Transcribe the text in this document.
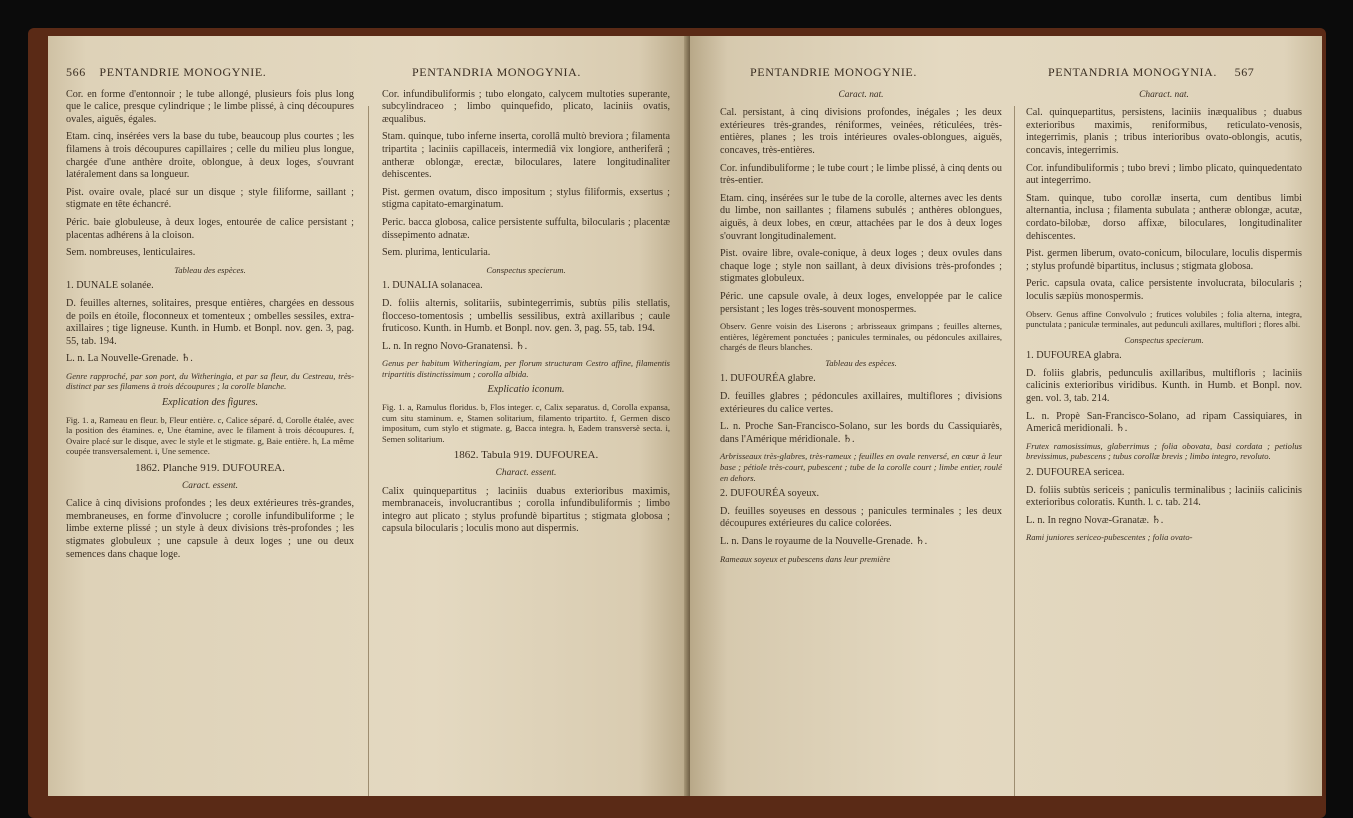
566 PENTANDRIE MONOGYNIE.

Cor. en forme d'entonnoir ; le tube allongé, plusieurs fois plus long que le calice, presque cylindrique ; le limbe plissé, à cinq découpures ovales, aiguës, égales.

Etam. cinq, insérées vers la base du tube, beaucoup plus courtes ; les filamens à trois découpures capillaires ; celle du milieu plus longue, chargée d'une anthère droite, oblongue, à deux loges, s'ouvrant latéralement dans sa longueur.

Pist. ovaire ovale, placé sur un disque ; style filiforme, saillant ; stigmate en tête échancré.

Péric. baie globuleuse, à deux loges, entourée de calice persistant ; placentas adhérens à la cloison.

Sem. nombreuses, lenticulaires.

Tableau des espèces.

1. DUNALE solanée.

D. feuilles alternes, solitaires, presque entières, chargées en dessous de poils en étoile, floconneux et tomenteux ; ombelles sessiles, extra-axillaires ; tige ligneuse. Kunth. in Humb. et Bonpl. nov. gen. 3, pag. 55, tab. 194.

L. n. La Nouvelle-Grenade. ♄.

Genre rapproché, par son port, du Witheringia, et par sa fleur, du Cestreau, très-distinct par ses filamens à trois découpures ; la corolle blanche.

Explication des figures.

Fig. 1. a, Rameau en fleur. b, Fleur entière. c, Calice séparé. d, Corolle étalée, avec la position des étamines. e, Une étamine, avec le filament à trois découpures. f, Ovaire placé sur le disque, avec le style et le stigmate. g, Baie entière. h, La même coupée transversalement. i, Une semence.

1862. Planche 919. DUFOUREA.

Caract. essent.

Calice à cinq divisions profondes ; les deux extérieures très-grandes, membraneuses, en forme d'involucre ; corolle infundibuliforme ; le limbe externe plissé ; un style à deux divisions très-profondes ; les stigmates globuleux ; une capsule à deux loges ; une ou deux semences dans chaque loge.

PENTANDRIA MONOGYNIA.

Cor. infundibuliformis ; tubo elongato, calycem multoties superante, subcylindraceo ; limbo quinquefido, plicato, laciniis ovatis, æqualibus.

Stam. quinque, tubo inferne inserta, corollâ multò breviora ; filamenta tripartita ; laciniis capillaceis, intermediâ vix longiore, antheriferâ ; antheræ oblongæ, erectæ, biloculares, latere longitudinaliter dehiscentes.

Pist. germen ovatum, disco impositum ; stylus filiformis, exsertus ; stigma capitato-emarginatum.

Peric. bacca globosa, calice persistente suffulta, bilocularis ; placentæ dissepimento adnatæ.

Sem. plurima, lenticularia.

Conspectus specierum.

1. DUNALIA solanacea.

D. foliis alternis, solitariis, subintegerrimis, subtùs pilis stellatis, flocceso-tomentosis ; umbellis sessilibus, extrà axillaribus ; caule fruticoso. Kunth. in Humb. et Bonpl. nov. gen. 3, pag. 55, tab. 194.

L. n. In regno Novo-Granatensi. ♄.

Genus per habitum Witheringiam, per florum structuram Cestro affine, filamentis tripartitis distinctissimum ; corolla albida.

Explicatio iconum.

Fig. 1. a, Ramulus floridus. b, Flos integer. c, Calix separatus. d, Corolla expansa, cum situ staminum. e, Stamen solitarium, filamento tripartito. f, Germen disco impositum, cum stylo et stigmate. g, Bacca integra. h, Eadem transversè secta. i, Semen solitarium.

1862. Tabula 919. DUFOUREA.

Charact. essent.

Calix quinquepartitus ; laciniis duabus exterioribus maximis, membranaceis, involucrantibus ; corolla infundibuliformis ; limbo integro aut plicato ; stylus profundè bipartitus ; stigmata globosa ; capsula bilocularis ; loculis mono aut dispermis.

PENTANDRIE MONOGYNIE.

Caract. nat.

Cal. persistant, à cinq divisions profondes, inégales ; les deux extérieures très-grandes, réniformes, veinées, réticulées, très-entières, planes ; les trois intérieures ovales-oblongues, aiguës, concaves, très-entières.

Cor. infundibuliforme ; le tube court ; le limbe plissé, à cinq dents ou très-entier.

Etam. cinq, insérées sur le tube de la corolle, alternes avec les dents du limbe, non saillantes ; filamens subulés ; anthères oblongues, aiguës, à deux lobes, en cœur, attachées par le dos à deux loges s'ouvrant longitudinalement.

Pist. ovaire libre, ovale-conique, à deux loges ; deux ovules dans chaque loge ; style non saillant, à deux divisions très-profondes ; stigmates globuleux.

Péric. une capsule ovale, à deux loges, enveloppée par le calice persistant ; les loges très-souvent monospermes.

Observ. Genre voisin des Liserons ; arbrisseaux grimpans ; feuilles alternes, entières, légèrement ponctuées ; panicules terminales, ou pédoncules axillaires, chargés de fleurs blanches.

Tableau des espèces.

1. DUFOURÉA glabre.

D. feuilles glabres ; pédoncules axillaires, multiflores ; divisions extérieures du calice vertes.

L. n. Proche San-Francisco-Solano, sur les bords du Cassiquiarès, dans l'Amérique méridionale. ♄.

Arbrisseaux très-glabres, très-rameux ; feuilles en ovale renversé, en cœur à leur base ; pétiole très-court, pubescent ; tube de la corolle court ; limbe entier, roulé en dehors.

2. DUFOURÉA soyeux.

D. feuilles soyeuses en dessous ; panicules terminales ; les deux découpures extérieures du calice colorées.

L. n. Dans le royaume de la Nouvelle-Grenade. ♄.

Rameaux soyeux et pubescens dans leur première

PENTANDRIA MONOGYNIA. 567

Charact. nat.

Cal. quinquepartitus, persistens, laciniis inæqualibus ; duabus exterioribus maximis, reniformibus, reticulato-venosis, integerrimis, planis ; tribus interioribus ovato-oblongis, acutis, concavis, integerrimis.

Cor. infundibuliformis ; tubo brevi ; limbo plicato, quinquedentato aut integerrimo.

Stam. quinque, tubo corollæ inserta, cum dentibus limbi alternantia, inclusa ; filamenta subulata ; antheræ oblongæ, acutæ, cordato-bilobæ, dorso affixæ, biloculares, longitudinaliter dehiscentes.

Pist. germen liberum, ovato-conicum, biloculare, loculis dispermis ; stylus profundè bipartitus, inclusus ; stigmata globosa.

Peric. capsula ovata, calice persistente involucrata, bilocularis ; loculis sæpiùs monospermis.

Observ. Genus affine Convolvulo ; frutices volubiles ; folia alterna, integra, punctulata ; paniculæ terminales, aut pedunculi axillares, multiflori ; flores albi.

Conspectus specierum.

1. DUFOUREA glabra.

D. foliis glabris, pedunculis axillaribus, multifloris ; laciniis calicinis exterioribus viridibus. Kunth. in Humb. et Bonpl. nov. gen. vol. 3, tab. 214.

L. n. Propè San-Francisco-Solano, ad ripam Cassiquiares, in Americâ meridionali. ♄.

Frutex ramosissimus, glaberrimus ; folia obovata, basi cordata ; petiolus brevissimus, pubescens ; tubus corollæ brevis ; limbo integro, revoluto.

2. DUFOUREA sericea.

D. foliis subtùs sericeis ; paniculis terminalibus ; laciniis calicinis exterioribus coloratis. Kunth. l. c. tab. 214.

L. n. In regno Novæ-Granatæ. ♄.

Rami juniores sericeo-pubescentes ; folia ovato-
